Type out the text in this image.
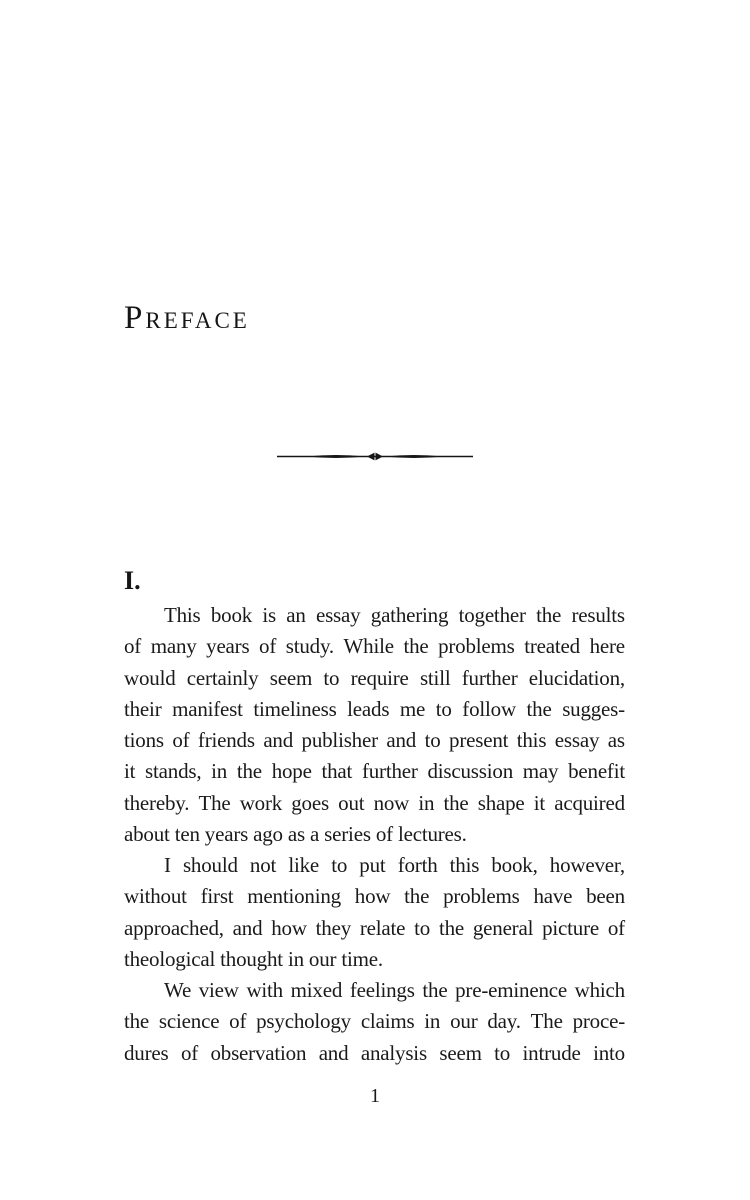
Preface
I.
This book is an essay gathering together the results
of many years of study. While the problems treated here
would certainly seem to require still further elucidation,
their manifest timeliness leads me to follow the sugges-
tions of friends and publisher and to present this essay as
it stands, in the hope that further discussion may benefit
thereby. The work goes out now in the shape it acquired
about ten years ago as a series of lectures.
I should not like to put forth this book, however,
without first mentioning how the problems have been
approached, and how they relate to the general picture of
theological thought in our time.
We view with mixed feelings the pre-eminence which
the science of psychology claims in our day. The proce-
dures of observation and analysis seem to intrude into
1
